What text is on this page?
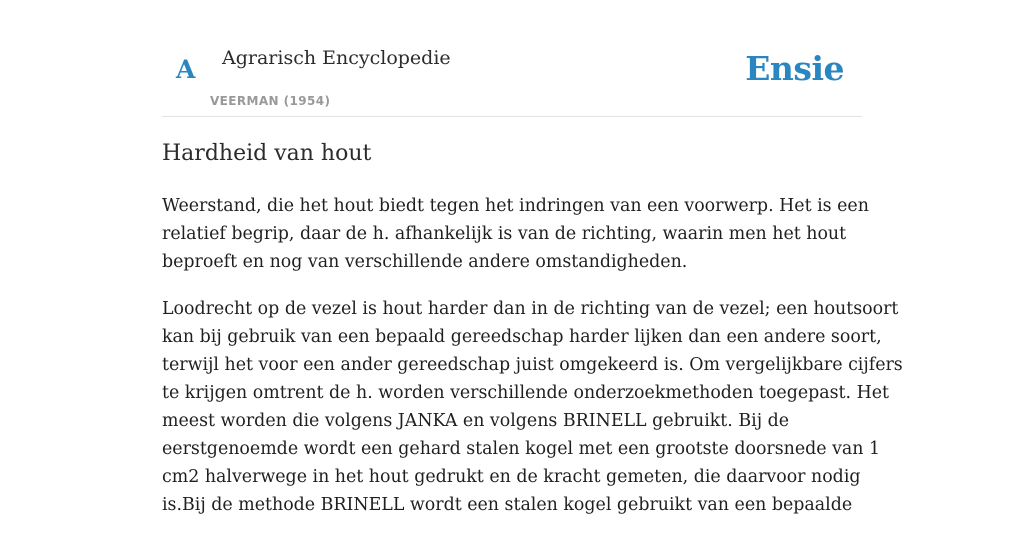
A Agrarisch Encyclopedie
VEERMAN (1954)
Ensie
Hardheid van hout

Weerstand, die het hout biedt tegen het indringen van een voorwerp. Het is een
relatief begrip, daar de h. afhankelijk is van de richting, waarin men het hout
beproeft en nog van verschillende andere omstandigheden.

Loodrecht op de vezel is hout harder dan in de richting van de vezel; een houtsoort
kan bij gebruik van een bepaald gereedschap harder lijken dan een andere soort,
terwijl het voor een ander gereedschap juist omgekeerd is. Om vergelijkbare cijfers
te krijgen omtrent de h. worden verschillende onderzoekmethoden toegepast. Het
meest worden die volgens JANKA en volgens BRINELL gebruikt. Bij de
eerstgenoemde wordt een gehard stalen kogel met een grootste doorsnede van 1
cm2 halverwege in het hout gedrukt en de kracht gemeten, die daarvoor nodig
is.Bij de methode BRINELL wordt een stalen kogel gebruikt van een bepaalde
